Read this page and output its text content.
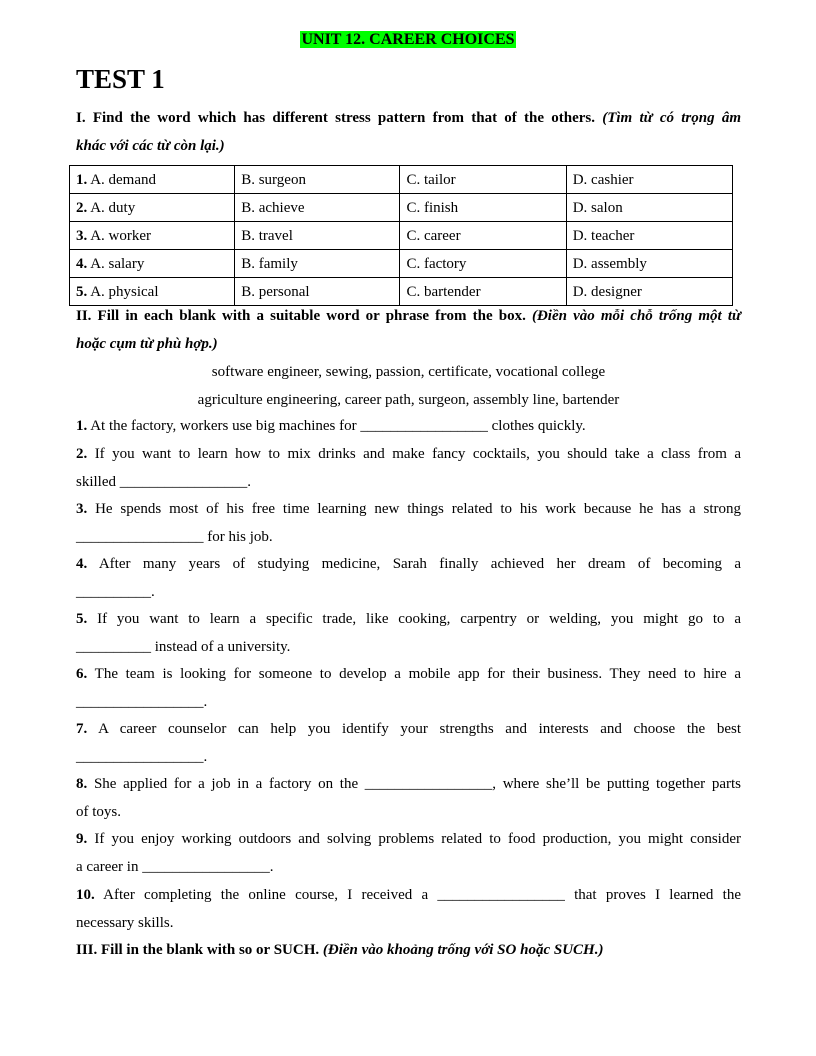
UNIT 12. CAREER CHOICES
TEST 1
I. Find the word which has different stress pattern from that of the others. (Tìm từ có trọng âm
khác với các từ còn lại.)
1. A. demand	B. surgeon	C. tailor	D. cashier
2. A. duty	B. achieve	C. finish	D. salon
3. A. worker	B. travel	C. career	D. teacher
4. A. salary	B. family	C. factory	D. assembly
5. A. physical	B. personal	C. bartender	D. designer
II. Fill in each blank with a suitable word or phrase from the box. (Điền vào mỗi chỗ trống một từ
hoặc cụm từ phù hợp.)
software engineer, sewing, passion, certificate, vocational college
agriculture engineering, career path, surgeon, assembly line, bartender
1. At the factory, workers use big machines for _________________ clothes quickly.
2. If you want to learn how to mix drinks and make fancy cocktails, you should take a class from a
skilled _________________.
3. He spends most of his free time learning new things related to his work because he has a strong
_________________ for his job.
4. After many years of studying medicine, Sarah finally achieved her dream of becoming a
__________.
5. If you want to learn a specific trade, like cooking, carpentry or welding, you might go to a
__________ instead of a university.
6. The team is looking for someone to develop a mobile app for their business. They need to hire a
_________________.
7. A career counselor can help you identify your strengths and interests and choose the best
_________________.
8. She applied for a job in a factory on the _________________, where she’ll be putting together parts
of toys.
9. If you enjoy working outdoors and solving problems related to food production, you might consider
a career in _________________.
10. After completing the online course, I received a _________________ that proves I learned the
necessary skills.
III. Fill in the blank with so or SUCH. (Điền vào khoảng trống với SO hoặc SUCH.)
